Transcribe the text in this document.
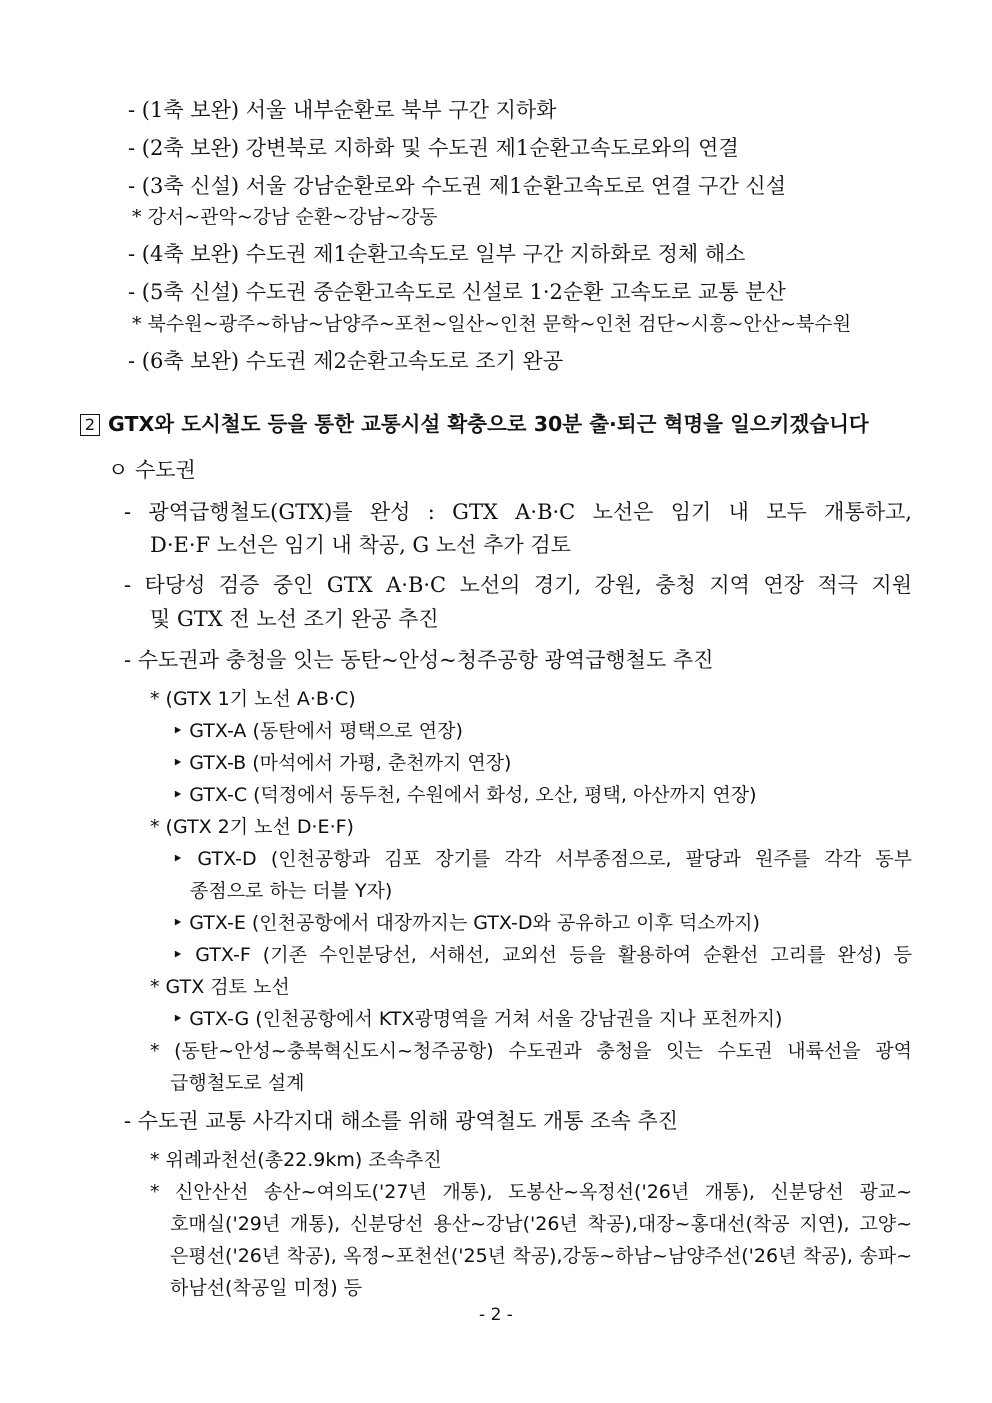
- (1축 보완) 서울 내부순환로 북부 구간 지하화
- (2축 보완) 강변북로 지하화 및 수도권 제1순환고속도로와의 연결
- (3축 신설) 서울 강남순환로와 수도권 제1순환고속도로 연결 구간 신설
* 강서~관악~강남 순환~강남~강동
- (4축 보완) 수도권 제1순환고속도로 일부 구간 지하화로 정체 해소
- (5축 신설) 수도권 중순환고속도로 신설로 1·2순환 고속도로 교통 분산
* 북수원~광주~하남~남양주~포천~일산~인천 문학~인천 검단~시흥~안산~북수원
- (6축 보완) 수도권 제2순환고속도로 조기 완공
2 GTX와 도시철도 등을 통한 교통시설 확충으로 30분 출·퇴근 혁명을 일으키겠습니다
ㅇ 수도권
- 광역급행철도(GTX)를 완성 : GTX A·B·C 노선은 임기 내 모두 개통하고,
D·E·F 노선은 임기 내 착공, G 노선 추가 검토
- 타당성 검증 중인 GTX A·B·C 노선의 경기, 강원, 충청 지역 연장 적극 지원
및 GTX 전 노선 조기 완공 추진
- 수도권과 충청을 잇는 동탄~안성~청주공항 광역급행철도 추진
* (GTX 1기 노선 A·B·C)
‣ GTX-A (동탄에서 평택으로 연장)
‣ GTX-B (마석에서 가평, 춘천까지 연장)
‣ GTX-C (덕정에서 동두천, 수원에서 화성, 오산, 평택, 아산까지 연장)
* (GTX 2기 노선 D·E·F)
‣ GTX-D (인천공항과 김포 장기를 각각 서부종점으로, 팔당과 원주를 각각 동부
종점으로 하는 더블 Y자)
‣ GTX-E (인천공항에서 대장까지는 GTX-D와 공유하고 이후 덕소까지)
‣ GTX-F (기존 수인분당선, 서해선, 교외선 등을 활용하여 순환선 고리를 완성) 등
* GTX 검토 노선
‣ GTX-G (인천공항에서 KTX광명역을 거쳐 서울 강남권을 지나 포천까지)
* (동탄~안성~충북혁신도시~청주공항) 수도권과 충청을 잇는 수도권 내륙선을 광역
급행철도로 설계
- 수도권 교통 사각지대 해소를 위해 광역철도 개통 조속 추진
* 위례과천선(총22.9km) 조속추진
* 신안산선 송산~여의도('27년 개통), 도봉산~옥정선('26년 개통), 신분당선 광교~
호매실('29년 개통), 신분당선 용산~강남('26년 착공),대장~홍대선(착공 지연), 고양~
은평선('26년 착공), 옥정~포천선('25년 착공),강동~하남~남양주선('26년 착공), 송파~
하남선(착공일 미정) 등
- 2 -
